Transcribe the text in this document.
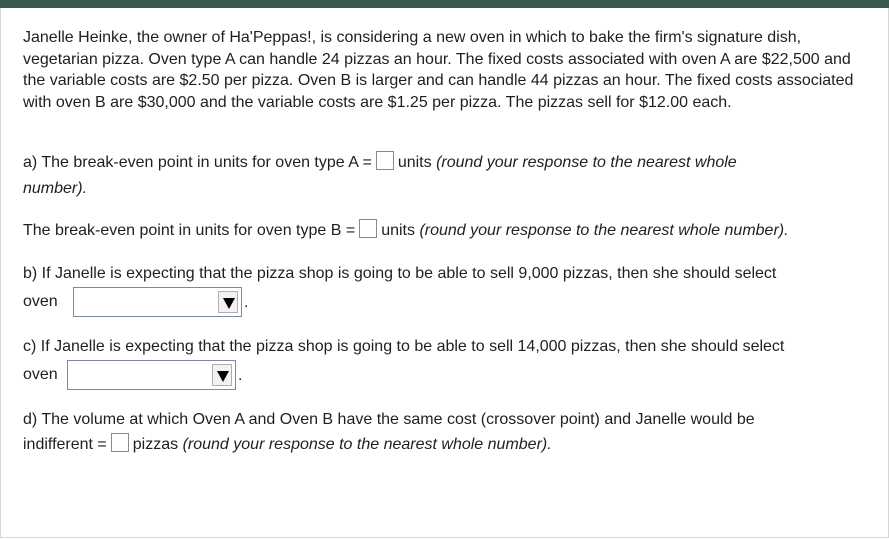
Janelle Heinke, the owner of Ha'Peppas!, is considering a new oven in which to bake the firm's signature dish, vegetarian pizza. Oven type A can handle 24 pizzas an hour. The fixed costs associated with oven A are $22,500 and the variable costs are $2.50 per pizza. Oven B is larger and can handle 44 pizzas an hour. The fixed costs associated with oven B are $30,000 and the variable costs are $1.25 per pizza. The pizzas sell for $12.00 each.

a) The break-even point in units for oven type A = units (round your response to the nearest whole
number).
The break-even point in units for oven type B = units (round your response to the nearest whole number).
b) If Janelle is expecting that the pizza shop is going to be able to sell 9,000 pizzas, then she should select
oven	.
c) If Janelle is expecting that the pizza shop is going to be able to sell 14,000 pizzas, then she should select
oven	.
d) The volume at which Oven A and Oven B have the same cost (crossover point) and Janelle would be
indifferent = pizzas (round your response to the nearest whole number).
